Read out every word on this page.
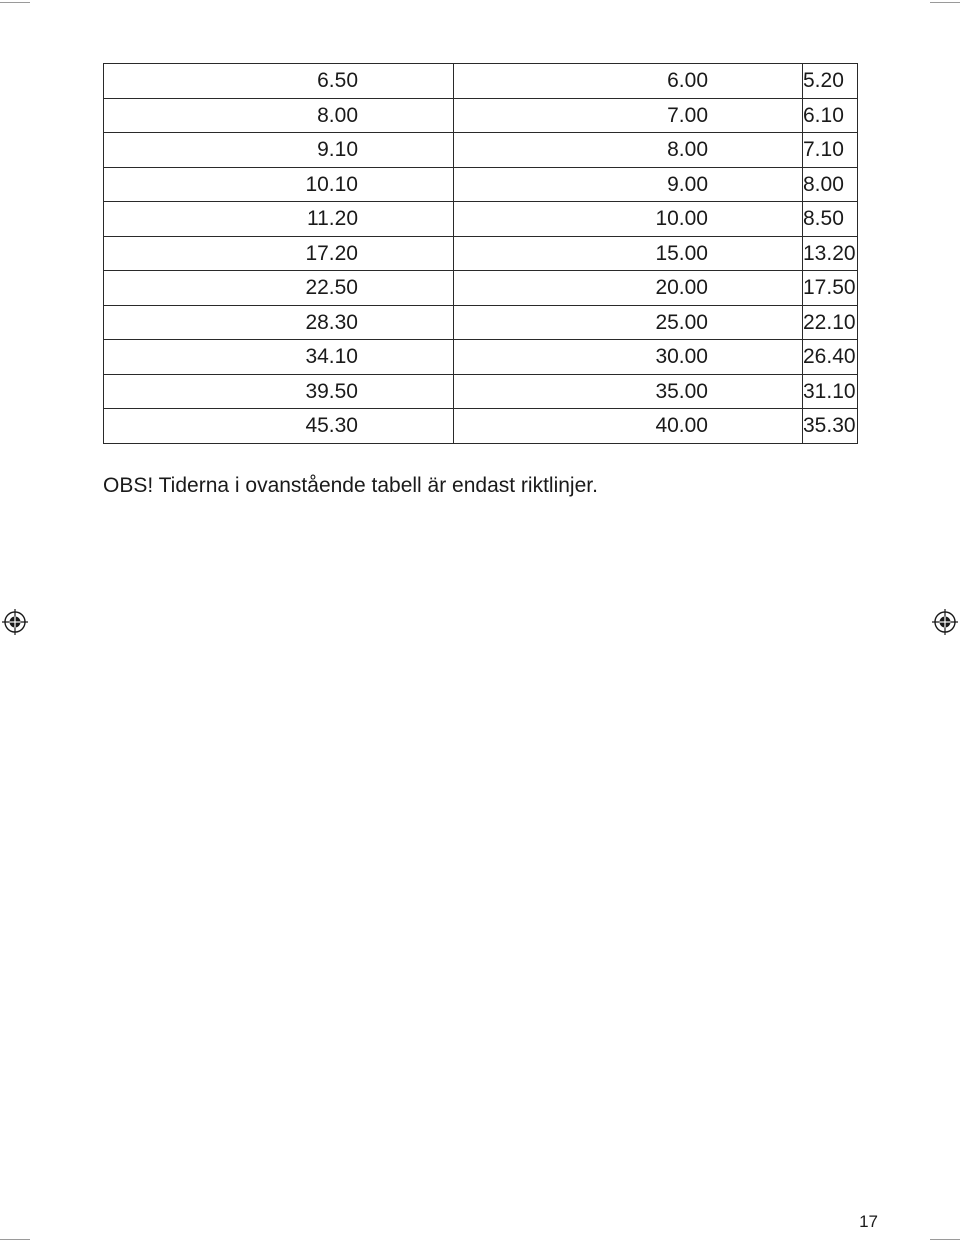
6.50	6.00	5.20
8.00	7.00	6.10
9.10	8.00	7.10
10.10	9.00	8.00
11.20	10.00	8.50
17.20	15.00	13.20
22.50	20.00	17.50
28.30	25.00	22.10
34.10	30.00	26.40
39.50	35.00	31.10
45.30	40.00	35.30
OBS! Tiderna i ovanstående tabell är endast riktlinjer.
17
